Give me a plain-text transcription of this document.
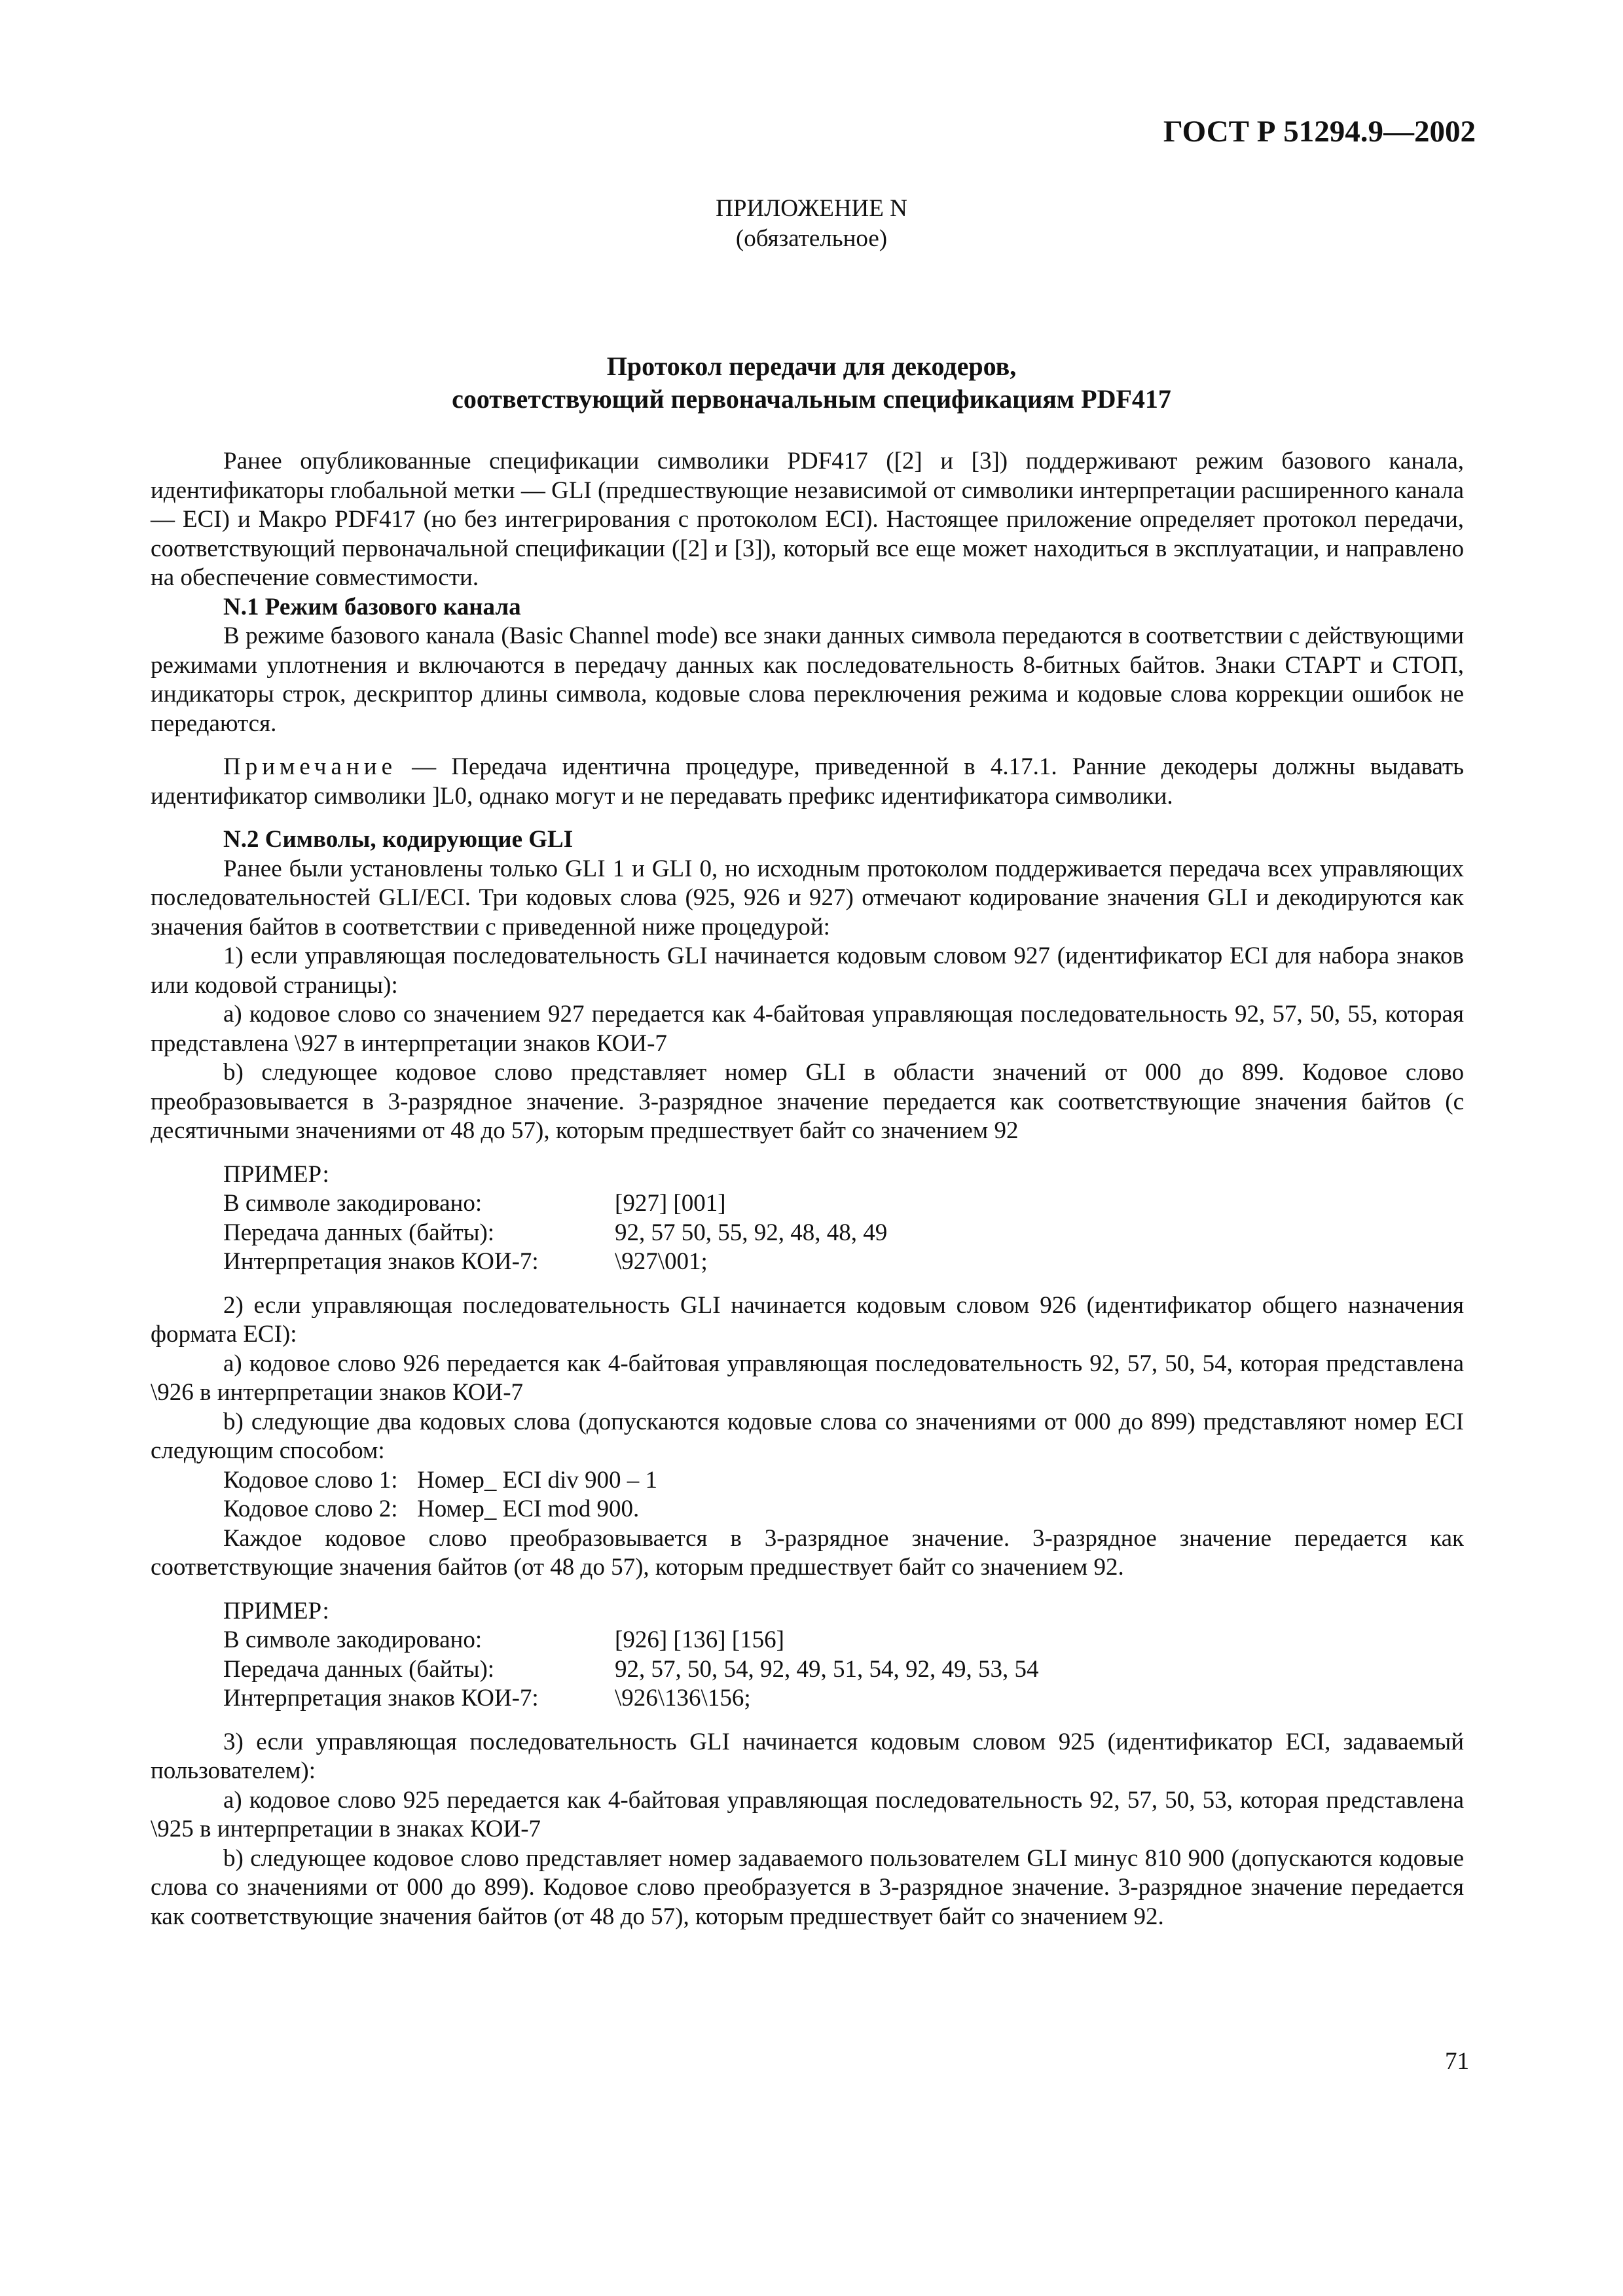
ГОСТ Р 51294.9—2002
ПРИЛОЖЕНИЕ N
(обязательное)
Протокол передачи для декодеров,
соответствующий первоначальным спецификациям PDF417

Ранее опубликованные спецификации символики PDF417 ([2] и [3]) поддерживают режим базового канала, идентификаторы глобальной метки — GLI (предшествующие независимой от символики интерпретации расширенного канала — ECI) и Макро PDF417 (но без интегрирования с протоколом ECI). Настоящее приложение определяет протокол передачи, соответствующий первоначальной спецификации ([2] и [3]), который все еще может находиться в эксплуатации, и направлено на обеспечение совместимости.

N.1 Режим базового канала

В режиме базового канала (Basic Channel mode) все знаки данных символа передаются в соответствии с действующими режимами уплотнения и включаются в передачу данных как последовательность 8-битных байтов. Знаки СТАРТ и СТОП, индикаторы строк, дескриптор длины символа, кодовые слова переключения режима и кодовые слова коррекции ошибок не передаются.

Примечание — Передача идентична процедуре, приведенной в 4.17.1. Ранние декодеры должны выдавать идентификатор символики ]L0, однако могут и не передавать префикс идентификатора символики.

N.2 Символы, кодирующие GLI

Ранее были установлены только GLI 1 и GLI 0, но исходным протоколом поддерживается передача всех управляющих последовательностей GLI/ECI. Три кодовых слова (925, 926 и 927) отмечают кодирование значения GLI и декодируются как значения байтов в соответствии с приведенной ниже процедурой:

1) если управляющая последовательность GLI начинается кодовым словом 927 (идентификатор ECI для набора знаков или кодовой страницы):

a) кодовое слово со значением 927 передается как 4-байтовая управляющая последовательность 92, 57, 50, 55, которая представлена \927 в интерпретации знаков КОИ-7

b) следующее кодовое слово представляет номер GLI в области значений от 000 до 899. Кодовое слово преобразовывается в 3-разрядное значение. 3-разрядное значение передается как соответствующие значения байтов (с десятичными значениями от 48 до 57), которым предшествует байт со значением 92

ПРИМЕР:
В символе закодировано:	[927] [001]
Передача данных (байты):	92, 57 50, 55, 92, 48, 48, 49
Интерпретация знаков КОИ-7:	\927\001;

2) если управляющая последовательность GLI начинается кодовым словом 926 (идентификатор общего назначения формата ECI):

a) кодовое слово 926 передается как 4-байтовая управляющая последовательность 92, 57, 50, 54, которая представлена \926 в интерпретации знаков КОИ-7

b) следующие два кодовых слова (допускаются кодовые слова со значениями от 000 до 899) представляют номер ECI следующим способом:

Кодовое слово 1: Номер_ ECI div 900 – 1
Кодовое слово 2: Номер_ ECI mod 900.

Каждое кодовое слово преобразовывается в 3-разрядное значение. 3-разрядное значение передается как соответствующие значения байтов (от 48 до 57), которым предшествует байт со значением 92.

ПРИМЕР:
В символе закодировано:	[926] [136] [156]
Передача данных (байты):	92, 57, 50, 54, 92, 49, 51, 54, 92, 49, 53, 54
Интерпретация знаков КОИ-7:	\926\136\156;

3) если управляющая последовательность GLI начинается кодовым словом 925 (идентификатор ECI, задаваемый пользователем):

a) кодовое слово 925 передается как 4-байтовая управляющая последовательность 92, 57, 50, 53, которая представлена \925 в интерпретации в знаках КОИ-7

b) следующее кодовое слово представляет номер задаваемого пользователем GLI минус 810 900 (допускаются кодовые слова со значениями от 000 до 899). Кодовое слово преобразуется в 3-разрядное значение. 3-разрядное значение передается как соответствующие значения байтов (от 48 до 57), которым предшествует байт со значением 92.

71
